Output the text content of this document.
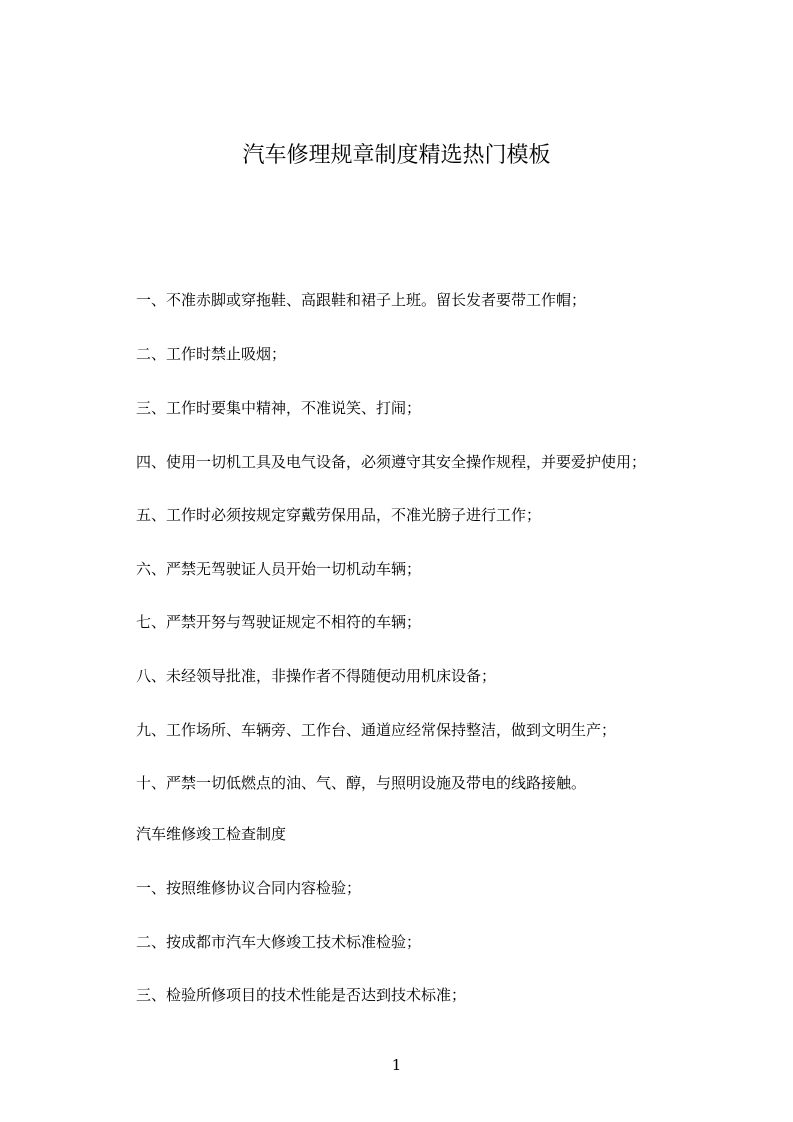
汽车修理规章制度精选热门模板
一、不准赤脚或穿拖鞋、高跟鞋和裙子上班。留长发者要带工作帽；
二、工作时禁止吸烟；
三、工作时要集中精神，不准说笑、打闹；
四、使用一切机工具及电气设备，必须遵守其安全操作规程，并要爱护使用；
五、工作时必须按规定穿戴劳保用品，不准光膀子进行工作；
六、严禁无驾驶证人员开始一切机动车辆；
七、严禁开努与驾驶证规定不相符的车辆；
八、未经领导批准，非操作者不得随便动用机床设备；
九、工作场所、车辆旁、工作台、通道应经常保持整洁，做到文明生产；
十、严禁一切低燃点的油、气、醇，与照明设施及带电的线路接触。
汽车维修竣工检查制度
一、按照维修协议合同内容检验；
二、按成都市汽车大修竣工技术标准检验；
三、检验所修项目的技术性能是否达到技术标准；
1
